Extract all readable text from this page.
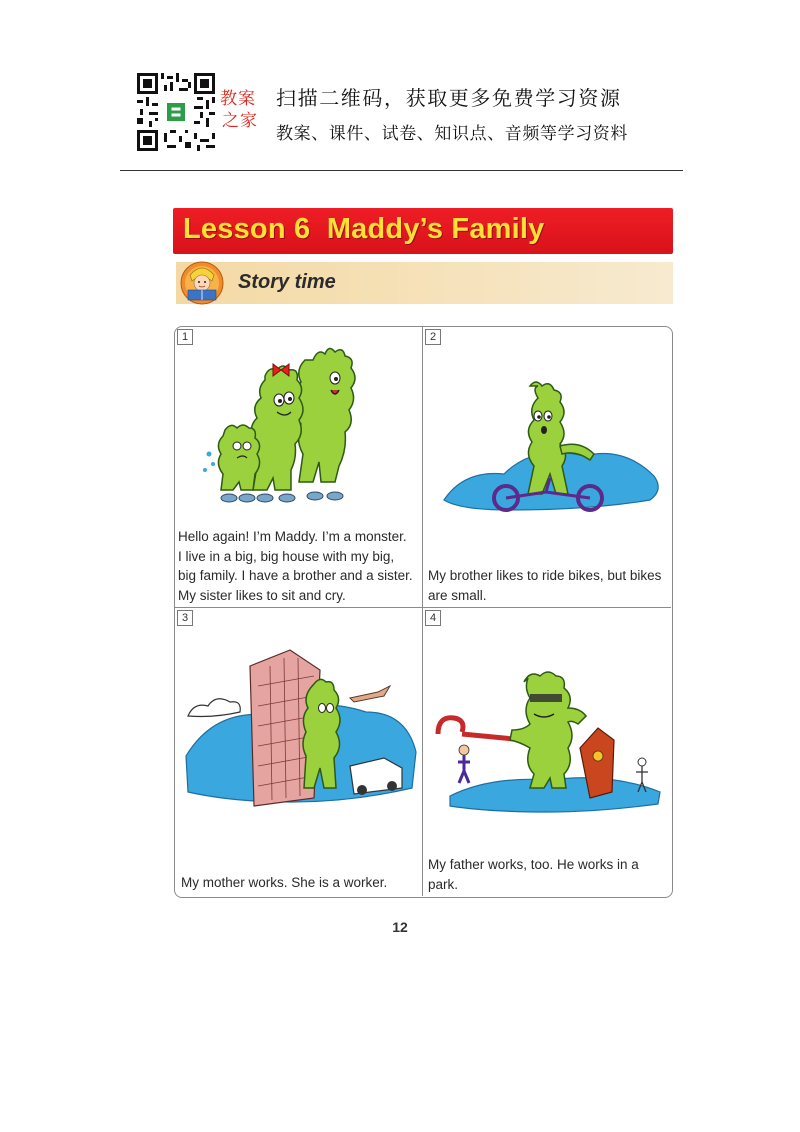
教案
之家
扫描二维码，获取更多免费学习资源
教案、课件、试卷、知识点、音频等学习资料
Lesson 6  Maddy’s Family
Story time
1
Hello again! I’m Maddy. I’m a monster.
I live in a big, big house with my big,
big family. I have a brother and a sister.
My sister likes to sit and cry.
2
My brother likes to ride bikes, but bikes
are small.
3
My mother works. She is a worker.
4
My father works, too. He works in a
park.
12
